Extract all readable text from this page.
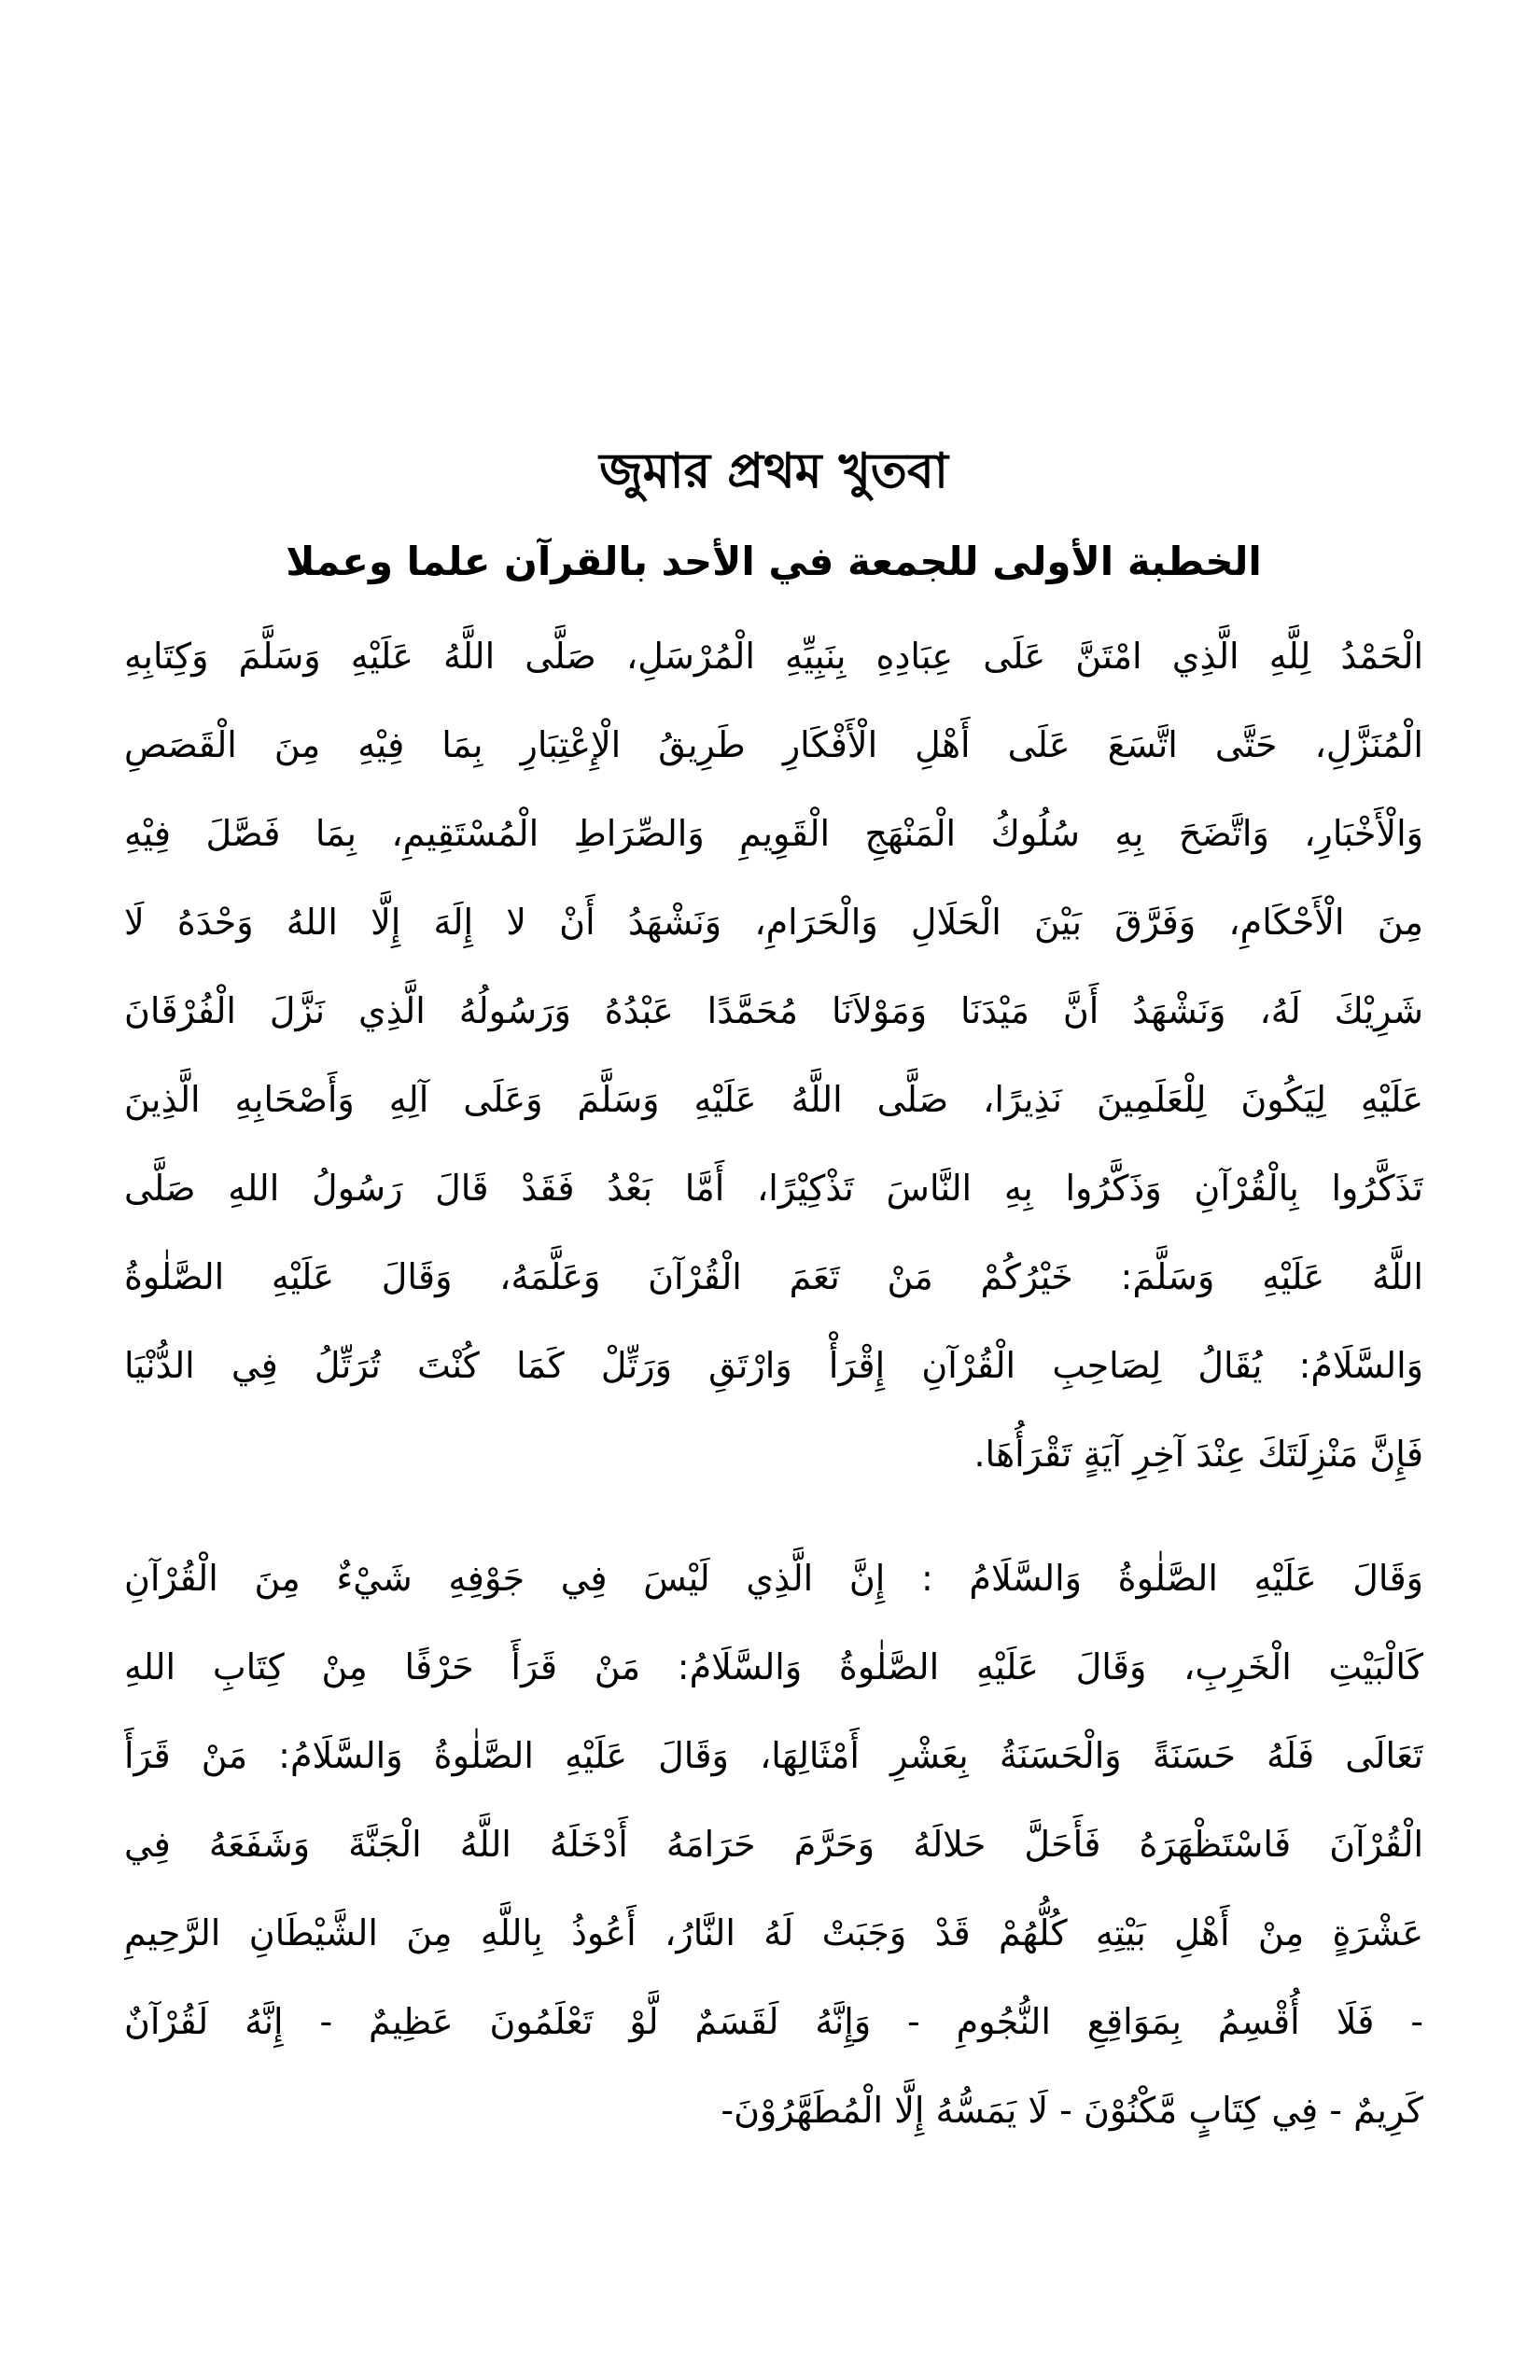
জুমার প্রথম খুতবা
الخطبة الأولى للجمعة في الأحد بالقرآن علما وعملا
الْحَمْدُ لِلَّهِ الَّذِي امْتَنَّ عَلَى عِبَادِهِ بِنَبِيِّهِ الْمُرْسَلِ، صَلَّى اللَّهُ عَلَيْهِ وَسَلَّمَ وَكِتَابِهِ
الْمُنَزَّلِ، حَتَّى اتَّسَعَ عَلَى أَهْلِ الْأَفْكَارِ طَرِيقُ الْإِعْتِبَارِ بِمَا فِيْهِ مِنَ الْقَصَصِ
وَالْأَخْبَارِ، وَاتَّضَحَ بِهِ سُلُوكُ الْمَنْهَجِ الْقَوِيمِ وَالصِّرَاطِ الْمُسْتَقِيمِ، بِمَا فَصَّلَ فِيْهِ
مِنَ الْأَحْكَامِ، وَفَرَّقَ بَيْنَ الْحَلَالِ وَالْحَرَامِ، وَنَشْهَدُ أَنْ لا إِلَهَ إِلَّا اللهُ وَحْدَهُ لَا
شَرِيْكَ لَهُ، وَنَشْهَدُ أَنَّ مَيْدَنَا وَمَوْلاَنَا مُحَمَّدًا عَبْدُهُ وَرَسُولُهُ الَّذِي نَزَّلَ الْفُرْقَانَ
عَلَيْهِ لِيَكُونَ لِلْعَلَمِينَ نَذِيرًا، صَلَّى اللَّهُ عَلَيْهِ وَسَلَّمَ وَعَلَى آلِهِ وَأَصْحَابِهِ الَّذِينَ
تَذَكَّرُوا بِالْقُرْآنِ وَذَكَّرُوا بِهِ النَّاسَ تَذْكِيْرًا، أَمَّا بَعْدُ فَقَدْ قَالَ رَسُولُ اللهِ صَلَّى
اللَّهُ عَلَيْهِ وَسَلَّمَ: خَيْرُكُمْ مَنْ تَعَمَ الْقُرْآنَ وَعَلَّمَهُ، وَقَالَ عَلَيْهِ الصَّلٰوةُ
وَالسَّلَامُ: يُقَالُ لِصَاحِبِ الْقُرْآنِ إِقْرَأْ وَارْتَقِ وَرَتِّلْ كَمَا كُنْتَ تُرَتِّلُ فِي الدُّنْيَا
فَإِنَّ مَنْزِلَتَكَ عِنْدَ آخِرِ آيَةٍ تَقْرَأُهَا.
وَقَالَ عَلَيْهِ الصَّلٰوةُ وَالسَّلَامُ : إِنَّ الَّذِي لَيْسَ فِي جَوْفِهِ شَيْءٌ مِنَ الْقُرْآنِ
كَالْبَيْتِ الْخَرِبِ، وَقَالَ عَلَيْهِ الصَّلٰوةُ وَالسَّلَامُ: مَنْ قَرَأَ حَرْفًا مِنْ كِتَابِ اللهِ
تَعَالَى فَلَهُ حَسَنَةً وَالْحَسَنَةُ بِعَشْرِ أَمْثَالِهَا، وَقَالَ عَلَيْهِ الصَّلٰوةُ وَالسَّلَامُ: مَنْ قَرَأَ
الْقُرْآنَ فَاسْتَظْهَرَهُ فَأَحَلَّ حَلالَهُ وَحَرَّمَ حَرَامَهُ أَدْخَلَهُ اللَّهُ الْجَنَّةَ وَشَفَعَهُ فِي
عَشْرَةٍ مِنْ أَهْلِ بَيْتِهِ كُلُّهُمْ قَدْ وَجَبَتْ لَهُ النَّارُ، أَعُوذُ بِاللَّهِ مِنَ الشَّيْطَانِ الرَّحِيمِ
- فَلَا أُقْسِمُ بِمَوَاقِعِ النُّجُومِ - وَإِنَّهُ لَقَسَمٌ لَّوْ تَعْلَمُونَ عَظِيمٌ - إِنَّهُ لَقُرْآنٌ
كَرِيمٌ - فِي كِتَابٍ مَّكْنُوْنَ - لَا يَمَسُّهُ إِلَّا الْمُطَهَّرُوْنَ-
